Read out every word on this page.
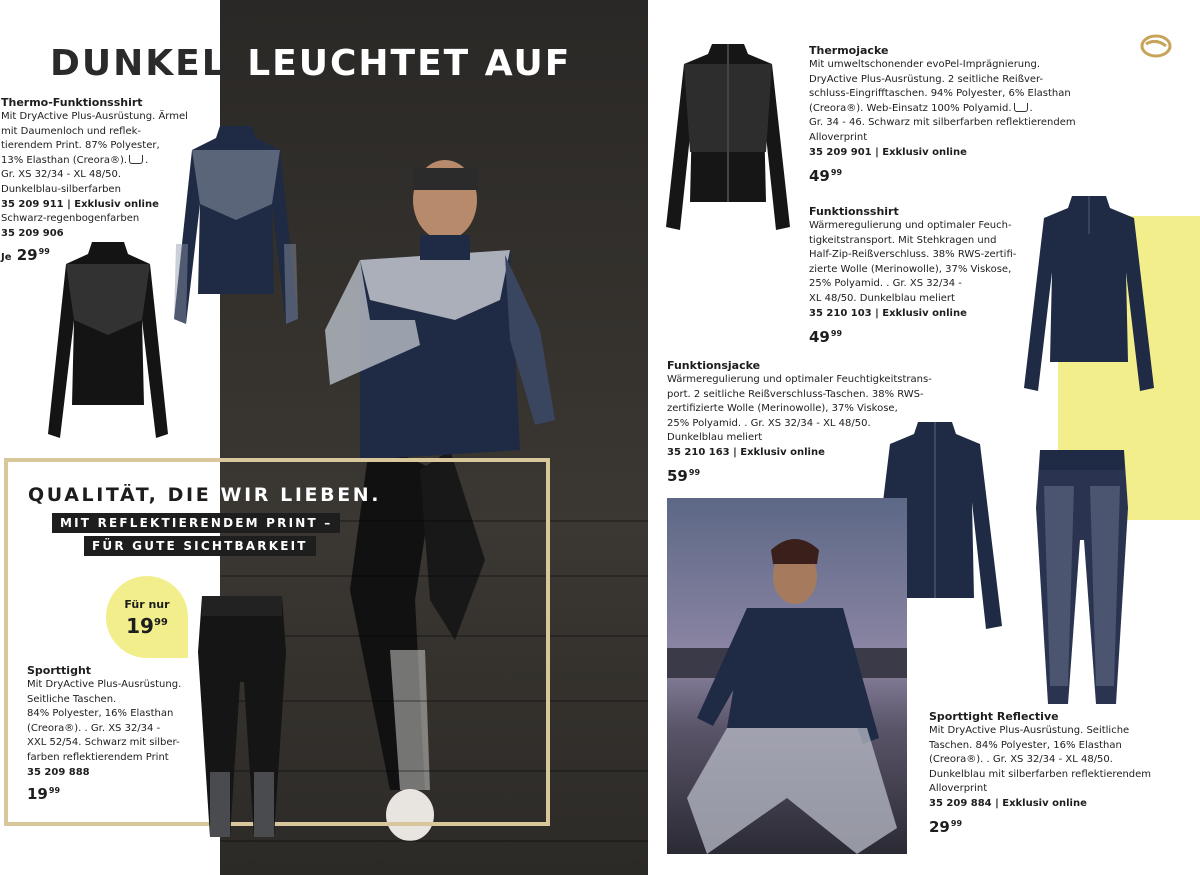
DUNKEL LEUCHTET AUF
Thermo-Funktionsshirt
Mit DryActive Plus-Ausrüstung. Ärmel
mit Daumenloch und reflek-
tierendem Print. 87% Polyester,
13% Elasthan (Creora®). .
Gr. XS 32/34 - XL 48/50.
Dunkelblau-silberfarben
35 209 911 | Exklusiv online
Schwarz-regenbogenfarben
35 209 906
Je $29^{99}$
QUALITÄT, DIE WIR LIEBEN.
MIT REFLEKTIERENDEM PRINT –
FÜR GUTE SICHTBARKEIT
Für nur
$19^{99}$
Sporttight
Mit DryActive Plus-Ausrüstung.
Seitliche Taschen.
84% Polyester, 16% Elasthan
(Creora®). . Gr. XS 32/34 -
XXL 52/54. Schwarz mit silber-
farben reflektierendem Print
35 209 888
$19^{99}$
Thermojacke
Mit umweltschonender evoPel-Imprägnierung.
DryActive Plus-Ausrüstung. 2 seitliche Reißver-
schluss-Eingrifftaschen. 94% Polyester, 6% Elasthan
(Creora®). Web-Einsatz 100% Polyamid. .
Gr. 34 - 46. Schwarz mit silberfarben reflektierendem
Alloverprint
35 209 901 | Exklusiv online
$49^{99}$
Funktionsshirt
Wärmeregulierung und optimaler Feuch-
tigkeitstransport. Mit Stehkragen und
Half-Zip-Reißverschluss. 38% RWS-zertifi-
zierte Wolle (Merinowolle), 37% Viskose,
25% Polyamid. . Gr. XS 32/34 -
XL 48/50. Dunkelblau meliert
35 210 103 | Exklusiv online
$49^{99}$
Funktionsjacke
Wärmeregulierung und optimaler Feuchtigkeitstrans-
port. 2 seitliche Reißverschluss-Taschen. 38% RWS-
zertifizierte Wolle (Merinowolle), 37% Viskose,
25% Polyamid. . Gr. XS 32/34 - XL 48/50.
Dunkelblau meliert
35 210 163 | Exklusiv online
$59^{99}$
Sporttight Reflective
Mit DryActive Plus-Ausrüstung. Seitliche
Taschen. 84% Polyester, 16% Elasthan
(Creora®). . Gr. XS 32/34 - XL 48/50.
Dunkelblau mit silberfarben reflektierendem
Alloverprint
35 209 884 | Exklusiv online
$29^{99}$
